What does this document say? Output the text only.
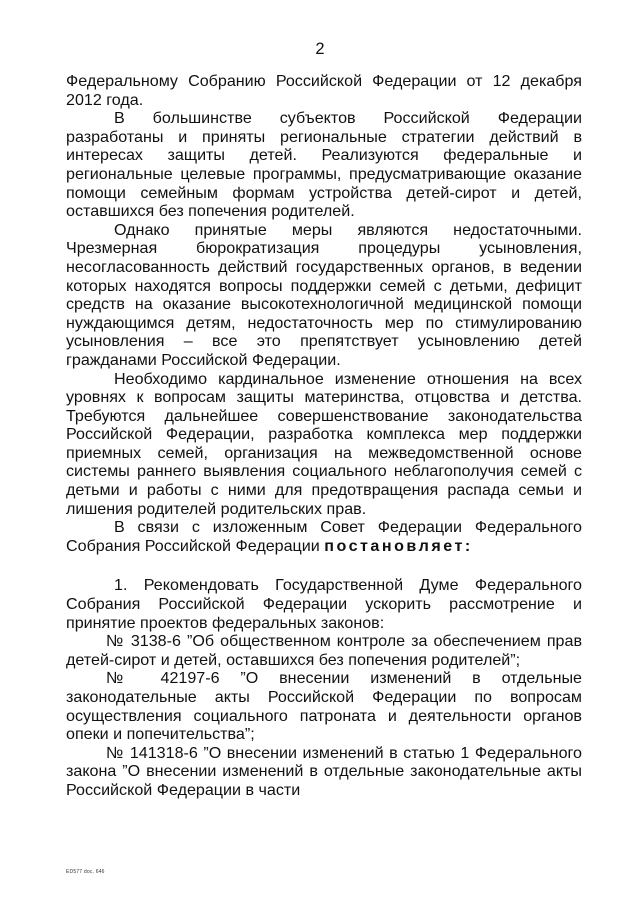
2

Федеральному Собранию Российской Федерации от 12 декабря 2012 года.

В большинстве субъектов Российской Федерации разработаны и приняты региональные стратегии действий в интересах защиты детей. Реализуются федеральные и региональные целевые программы, предусматривающие оказание помощи семейным формам устройства детей-сирот и детей, оставшихся без попечения родителей.

Однако принятые меры являются недостаточными. Чрезмерная бюрократизация процедуры усыновления, несогласованность действий государственных органов, в ведении которых находятся вопросы поддержки семей с детьми, дефицит средств на оказание высокотехнологичной медицинской помощи нуждающимся детям, недостаточность мер по стимулированию усыновления – все это препятствует усыновлению детей гражданами Российской Федерации.

Необходимо кардинальное изменение отношения на всех уровнях к вопросам защиты материнства, отцовства и детства. Требуются дальнейшее совершенствование законодательства Российской Федерации, разработка комплекса мер поддержки приемных семей, организация на межведомственной основе системы раннего выявления социального неблагополучия семей с детьми и работы с ними для предотвращения распада семьи и лишения родителей родительских прав.

В связи с изложенным Совет Федерации Федерального Собрания Российской Федерации постановляет:

1. Рекомендовать Государственной Думе Федерального Собрания Российской Федерации ускорить рассмотрение и принятие проектов федеральных законов:

№ 3138-6 ”Об общественном контроле за обеспечением прав детей-сирот и детей, оставшихся без попечения родителей”;

№ 42197-6 ”О внесении изменений в отдельные законодательные акты Российской Федерации по вопросам осуществления социального патроната и деятельности органов опеки и попечительства”;

№ 141318-6 ”О внесении изменений в статью 1 Федерального закона ”О внесении изменений в отдельные законодательные акты Российской Федерации в части

ED577 doc. 646
